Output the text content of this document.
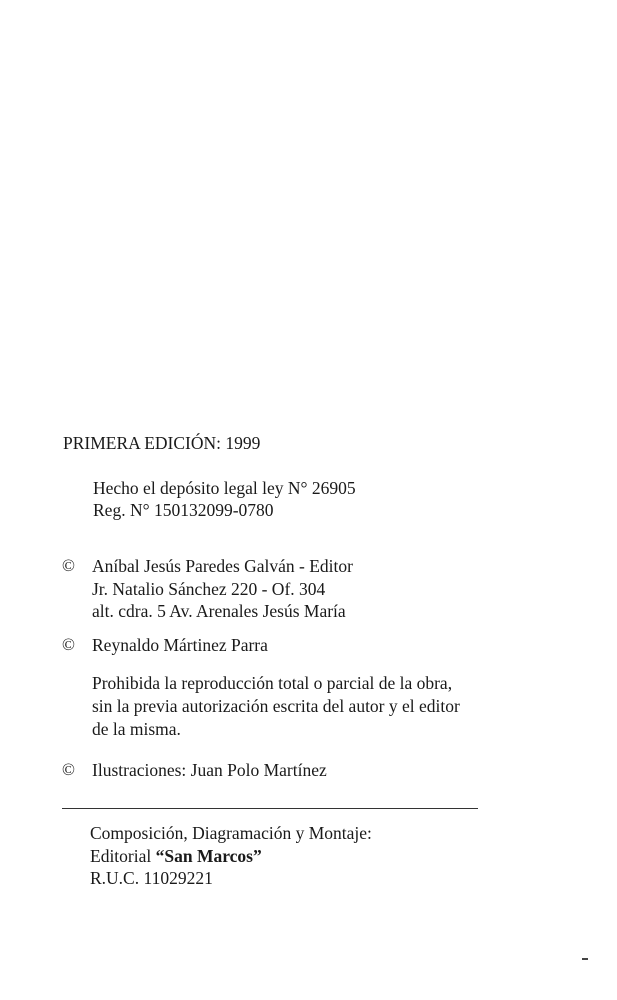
PRIMERA EDICIÓN: 1999
Hecho el depósito legal ley N° 26905
Reg. N° 150132099-0780
© Aníbal Jesús Paredes Galván - Editor
Jr. Natalio Sánchez 220 - Of. 304
alt. cdra. 5 Av. Arenales Jesús María
© Reynaldo Mártinez Parra
Prohibida la reproducción total o parcial de la obra,
sin la previa autorización escrita del autor y el editor
de la misma.
© Ilustraciones: Juan Polo Martínez
Composición, Diagramación y Montaje:
Editorial “San Marcos”
R.U.C. 11029221
